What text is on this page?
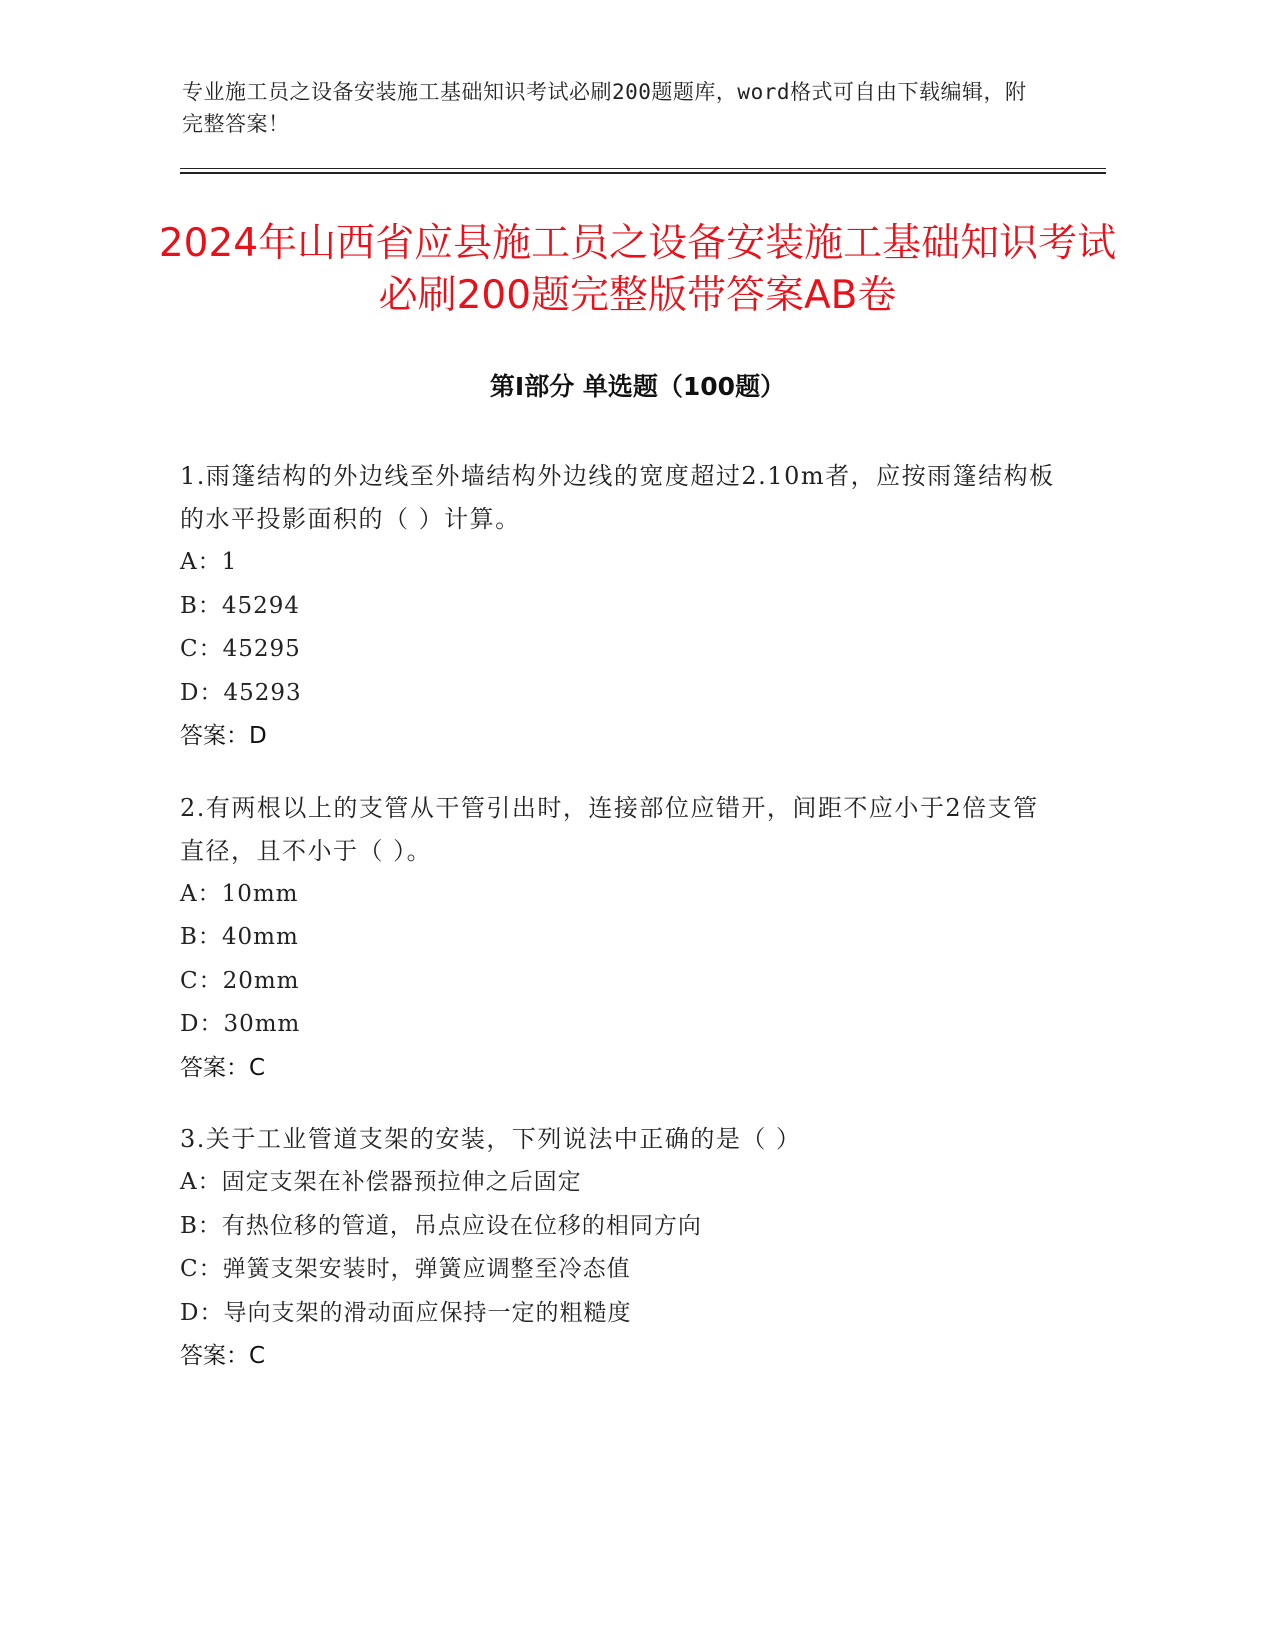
专业施工员之设备安装施工基础知识考试必刷200题题库，word格式可自由下载编辑，附完整答案！
2024年山西省应县施工员之设备安装施工基础知识考试必刷200题完整版带答案AB卷
第Ⅰ部分 单选题（100题）

1.雨篷结构的外边线至外墙结构外边线的宽度超过2.10m者，应按雨篷结构板的水平投影面积的（ ）计算。

A：1

B：45294

C：45295

D：45293

答案：D

2.有两根以上的支管从干管引出时，连接部位应错开，间距不应小于2倍支管直径，且不小于（ ）。

A：10mm

B：40mm

C：20mm

D：30mm

答案：C

3.关于工业管道支架的安装，下列说法中正确的是（ ）

A：固定支架在补偿器预拉伸之后固定

B：有热位移的管道，吊点应设在位移的相同方向

C：弹簧支架安装时，弹簧应调整至冷态值

D：导向支架的滑动面应保持一定的粗糙度

答案：C
